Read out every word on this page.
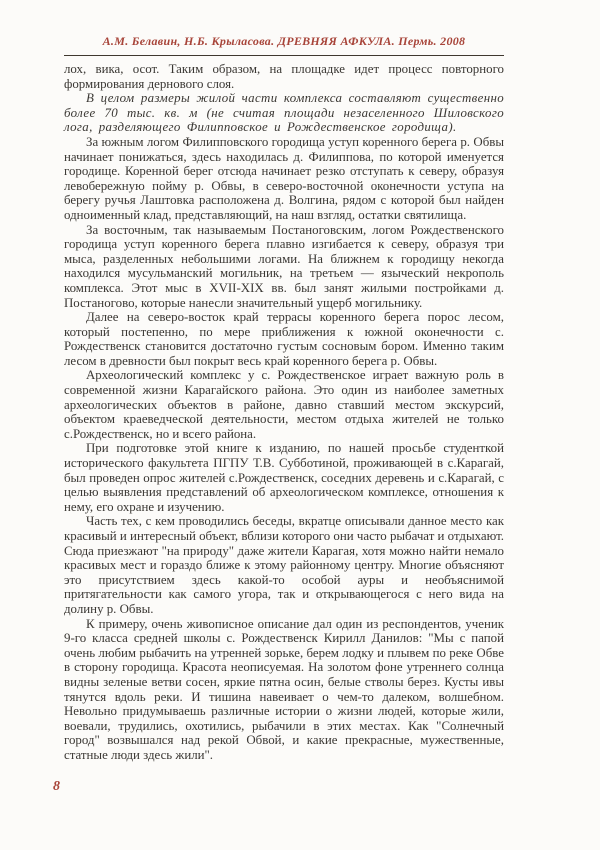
А.М. Белавин, Н.Б. Крыласова. ДРЕВНЯЯ АФКУЛА. Пермь. 2008

лох, вика, осот. Таким образом, на площадке идет процесс повторного формирования дернового слоя.

В целом размеры жилой части комплекса составляют существенно более 70 тыс. кв. м (не считая площади незаселенного Шиловского лога, разделяющего Филипповское и Рождественское городища).

За южным логом Филипповского городища уступ коренного берега р. Обвы начинает понижаться, здесь находилась д. Филиппова, по которой именуется городище. Коренной берег отсюда начинает резко отступать к северу, образуя левобережную пойму р. Обвы, в северо-восточной оконечности уступа на берегу ручья Лаштовка расположена д. Волгина, рядом с которой был найден одноименный клад, представляющий, на наш взгляд, остатки святилища.

За восточным, так называемым Постаноговским, логом Рождественского городища уступ коренного берега плавно изгибается к северу, образуя три мыса, разделенных небольшими логами. На ближнем к городищу некогда находился мусульманский могильник, на третьем — языческий некрополь комплекса. Этот мыс в XVII-XIX вв. был занят жилыми постройками д. Постаногово, которые нанесли значительный ущерб могильнику.

Далее на северо-восток край террасы коренного берега порос лесом, который постепенно, по мере приближения к южной оконечности с. Рождественск становится достаточно густым сосновым бором. Именно таким лесом в древности был покрыт весь край коренного берега р. Обвы.

Археологический комплекс у с. Рождественское играет важную роль в современной жизни Карагайского района. Это один из наиболее заметных археологических объектов в районе, давно ставший местом экскурсий, объектом краеведческой деятельности, местом отдыха жителей не только с.Рождественск, но и всего района.

При подготовке этой книге к изданию, по нашей просьбе студенткой исторического факультета ПГПУ Т.В. Субботиной, проживающей в с.Карагай, был проведен опрос жителей с.Рождественск, соседних деревень и с.Карагай, с целью выявления представлений об археологическом комплексе, отношения к нему, его охране и изучению.

Часть тех, с кем проводились беседы, вкратце описывали данное место как красивый и интересный объект, вблизи которого они часто рыбачат и отдыхают. Сюда приезжают "на природу" даже жители Карагая, хотя можно найти немало красивых мест и гораздо ближе к этому районному центру. Многие объясняют это присутствием здесь какой-то особой ауры и необъяснимой притягательности как самого угора, так и открывающегося с него вида на долину р. Обвы.

К примеру, очень живописное описание дал один из респондентов, ученик 9-го класса средней школы с. Рождественск Кирилл Данилов: "Мы с папой очень любим рыбачить на утренней зорьке, берем лодку и плывем по реке Обве в сторону городища. Красота неописуемая. На золотом фоне утреннего солнца видны зеленые ветви сосен, яркие пятна осин, белые стволы берез. Кусты ивы тянутся вдоль реки. И тишина навеивает о чем-то далеком, волшебном. Невольно придумываешь различные истории о жизни людей, которые жили, воевали, трудились, охотились, рыбачили в этих местах. Как "Солнечный город" возвышался над рекой Обвой, и какие прекрасные, мужественные, статные люди здесь жили".

8
